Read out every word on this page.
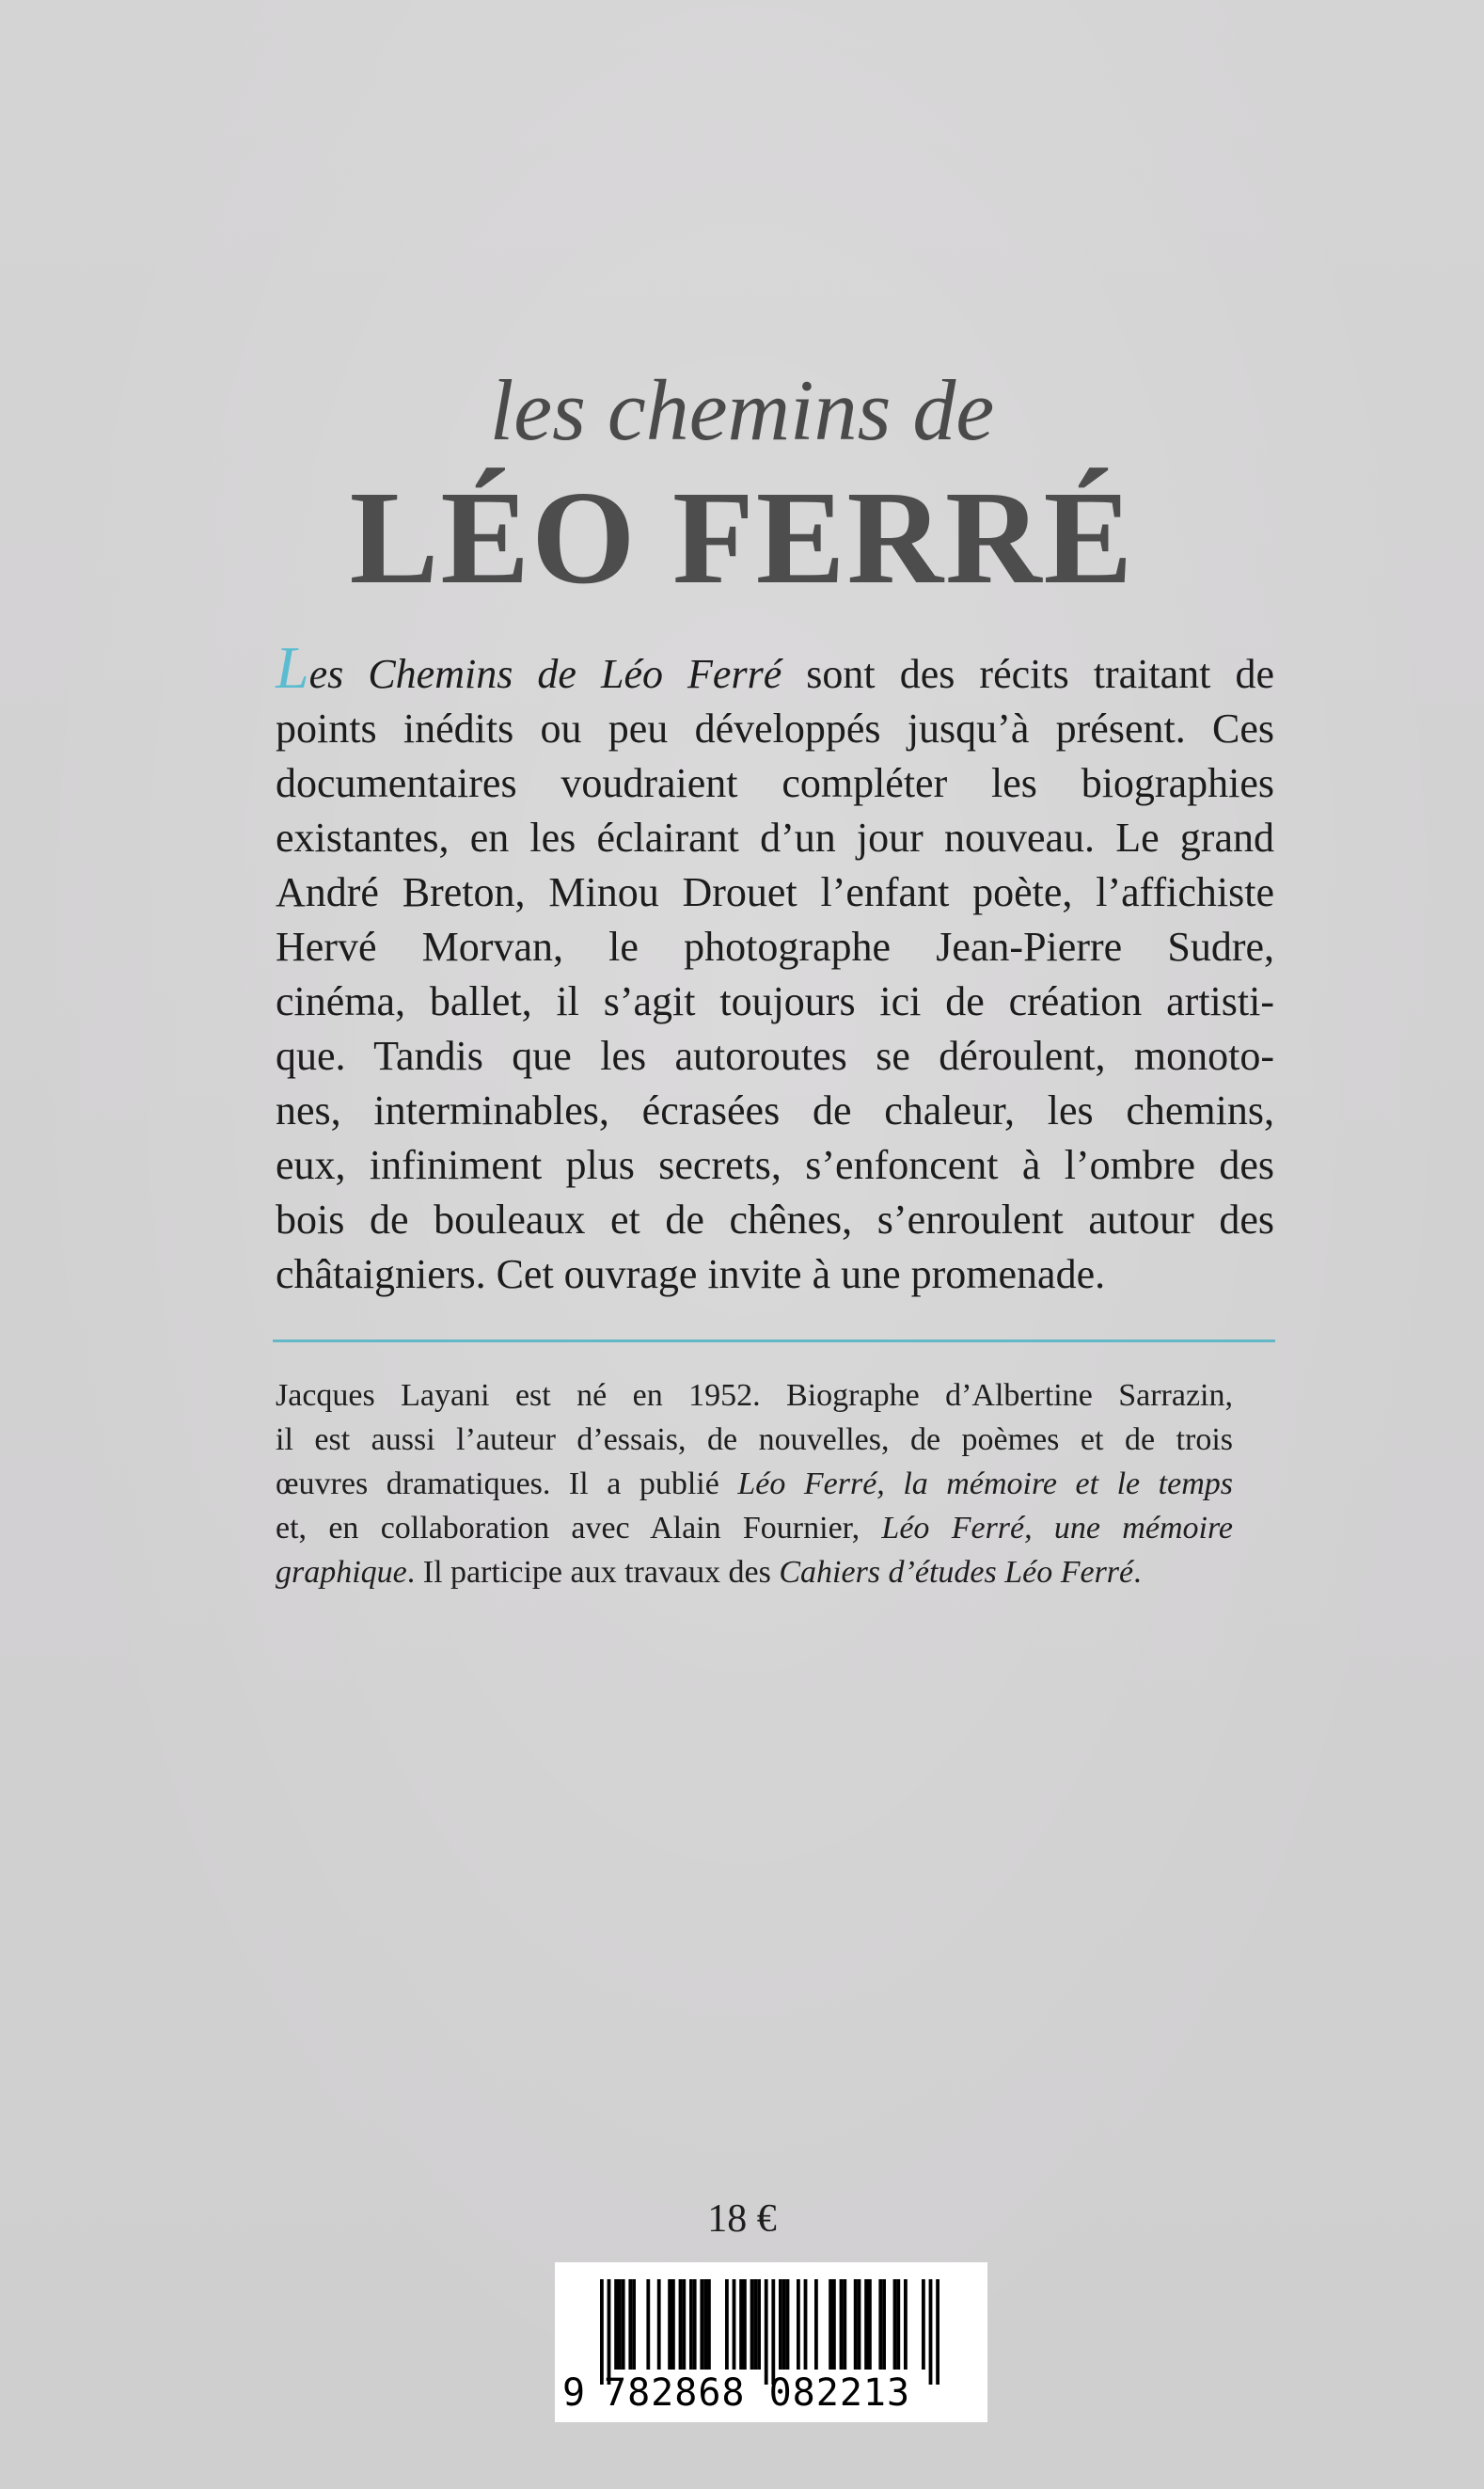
les chemins de
LÉO FERRÉ
Les Chemins de Léo Ferré sont des récits traitant de
points inédits ou peu développés jusqu’à présent. Ces
documentaires voudraient compléter les biographies
existantes, en les éclairant d’un jour nouveau. Le grand
André Breton, Minou Drouet l’enfant poète, l’affichiste
Hervé Morvan, le photographe Jean-Pierre Sudre,
cinéma, ballet, il s’agit toujours ici de création artisti-
que. Tandis que les autoroutes se déroulent, monoto-
nes, interminables, écrasées de chaleur, les chemins,
eux, infiniment plus secrets, s’enfoncent à l’ombre des
bois de bouleaux et de chênes, s’enroulent autour des
châtaigniers. Cet ouvrage invite à une promenade.
Jacques Layani est né en 1952. Biographe d’Albertine Sarrazin,
il est aussi l’auteur d’essais, de nouvelles, de poèmes et de trois
œuvres dramatiques. Il a publié Léo Ferré, la mémoire et le temps
et, en collaboration avec Alain Fournier, Léo Ferré, une mémoire
graphique. Il participe aux travaux des Cahiers d’études Léo Ferré.
18 €
9 782868 082213
